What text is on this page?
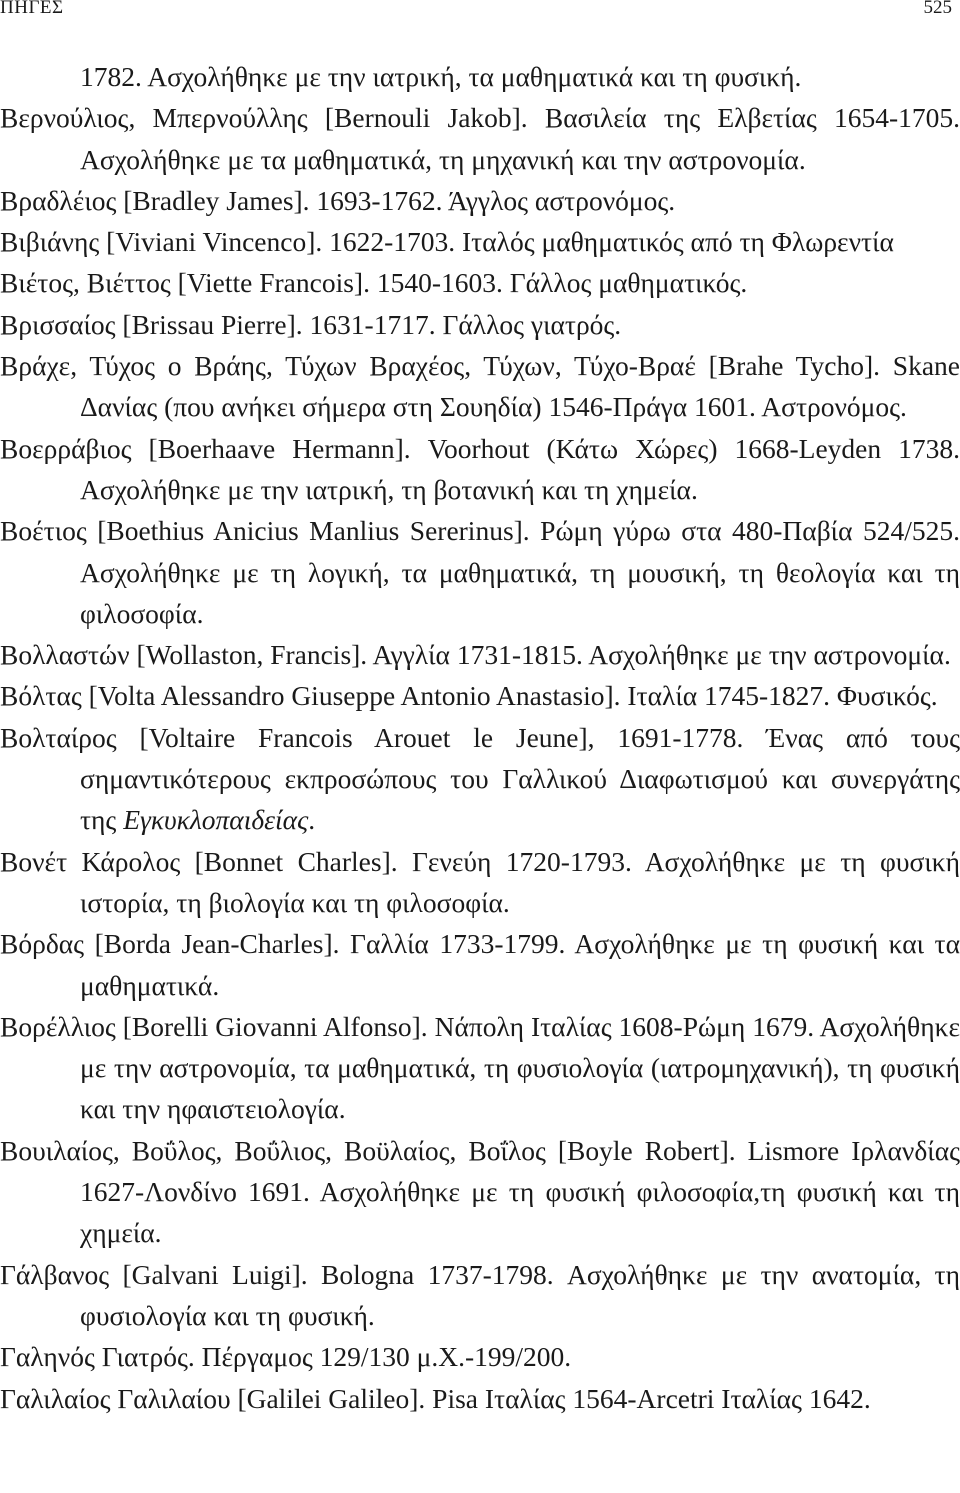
ΠΗΓΕΣ	525
1782. Ασχολήθηκε με την ιατρική, τα μαθηματικά και τη φυσική.
Βερνούλιος, Μπερνούλλης [Bernouli Jakob]. Βασιλεία της Ελβετίας 1654-1705. Ασχολήθηκε με τα μαθηματικά, τη μηχανική και την αστρονομία.
Βραδλέιος [Bradley James]. 1693-1762. Άγγλος αστρονόμος.
Βιβιάνης [Viviani Vincenco]. 1622-1703. Ιταλός μαθηματικός από τη Φλωρεντία
Βιέτος, Βιέττος [Viette Francois]. 1540-1603. Γάλλος μαθηματικός.
Βρισσαίος [Brissau Pierre]. 1631-1717. Γάλλος γιατρός.
Βράχε, Τύχος ο Βράης, Τύχων Βραχέος, Τύχων, Τύχο-Βραέ [Brahe Tycho]. Skane Δανίας (που ανήκει σήμερα στη Σουηδία) 1546-Πράγα 1601. Αστρονόμος.
Βοερράβιος [Boerhaave Hermann]. Voorhout (Κάτω Χώρες) 1668-Leyden 1738. Ασχολήθηκε με την ιατρική, τη βοτανική και τη χημεία.
Βοέτιος [Boethius Anicius Manlius Sererinus]. Ρώμη γύρω στα 480-Παβία 524/525. Ασχολήθηκε με τη λογική, τα μαθηματικά, τη μουσική, τη θεολογία και τη φιλοσοφία.
Βολλαστών [Wollaston, Francis]. Αγγλία 1731-1815. Ασχολήθηκε με την αστρονομία.
Βόλτας [Volta Alessandro Giuseppe Antonio Anastasio]. Ιταλία 1745-1827. Φυσικός.
Βολταίρος [Voltaire Francois Arouet le Jeune], 1691-1778. Ένας από τους σημαντικότερους εκπροσώπους του Γαλλικού Διαφωτισμού και συνεργάτης της Εγκυκλοπαιδείας.
Βονέτ Κάρολος [Bonnet Charles]. Γενεύη 1720-1793. Ασχολήθηκε με τη φυσική ιστορία, τη βιολογία και τη φιλοσοφία.
Βόρδας [Borda Jean-Charles]. Γαλλία 1733-1799. Ασχολήθηκε με τη φυσική και τα μαθηματικά.
Βορέλλιος [Borelli Giovanni Alfonso]. Νάπολη Ιταλίας 1608-Ρώμη 1679. Ασχολήθηκε με την αστρονομία, τα μαθηματικά, τη φυσιολογία (ιατρομηχανική), τη φυσική και την ηφαιστειολογία.
Βουιλαίος, Βοΰλος, Βοΰλιος, Βοϋλαίος, Βοΐλος [Boyle Robert]. Lismore Ιρλανδίας 1627-Λονδίνο 1691. Ασχολήθηκε με τη φυσική φιλοσοφία,τη φυσική και τη χημεία.
Γάλβανος [Galvani Luigi]. Bologna 1737-1798. Ασχολήθηκε με την ανατομία, τη φυσιολογία και τη φυσική.
Γαληνός Γιατρός. Πέργαμος 129/130 μ.Χ.-199/200.
Γαλιλαίος Γαλιλαίου [Galilei Galileo]. Pisa Ιταλίας 1564-Arcetri Ιταλίας 1642.
